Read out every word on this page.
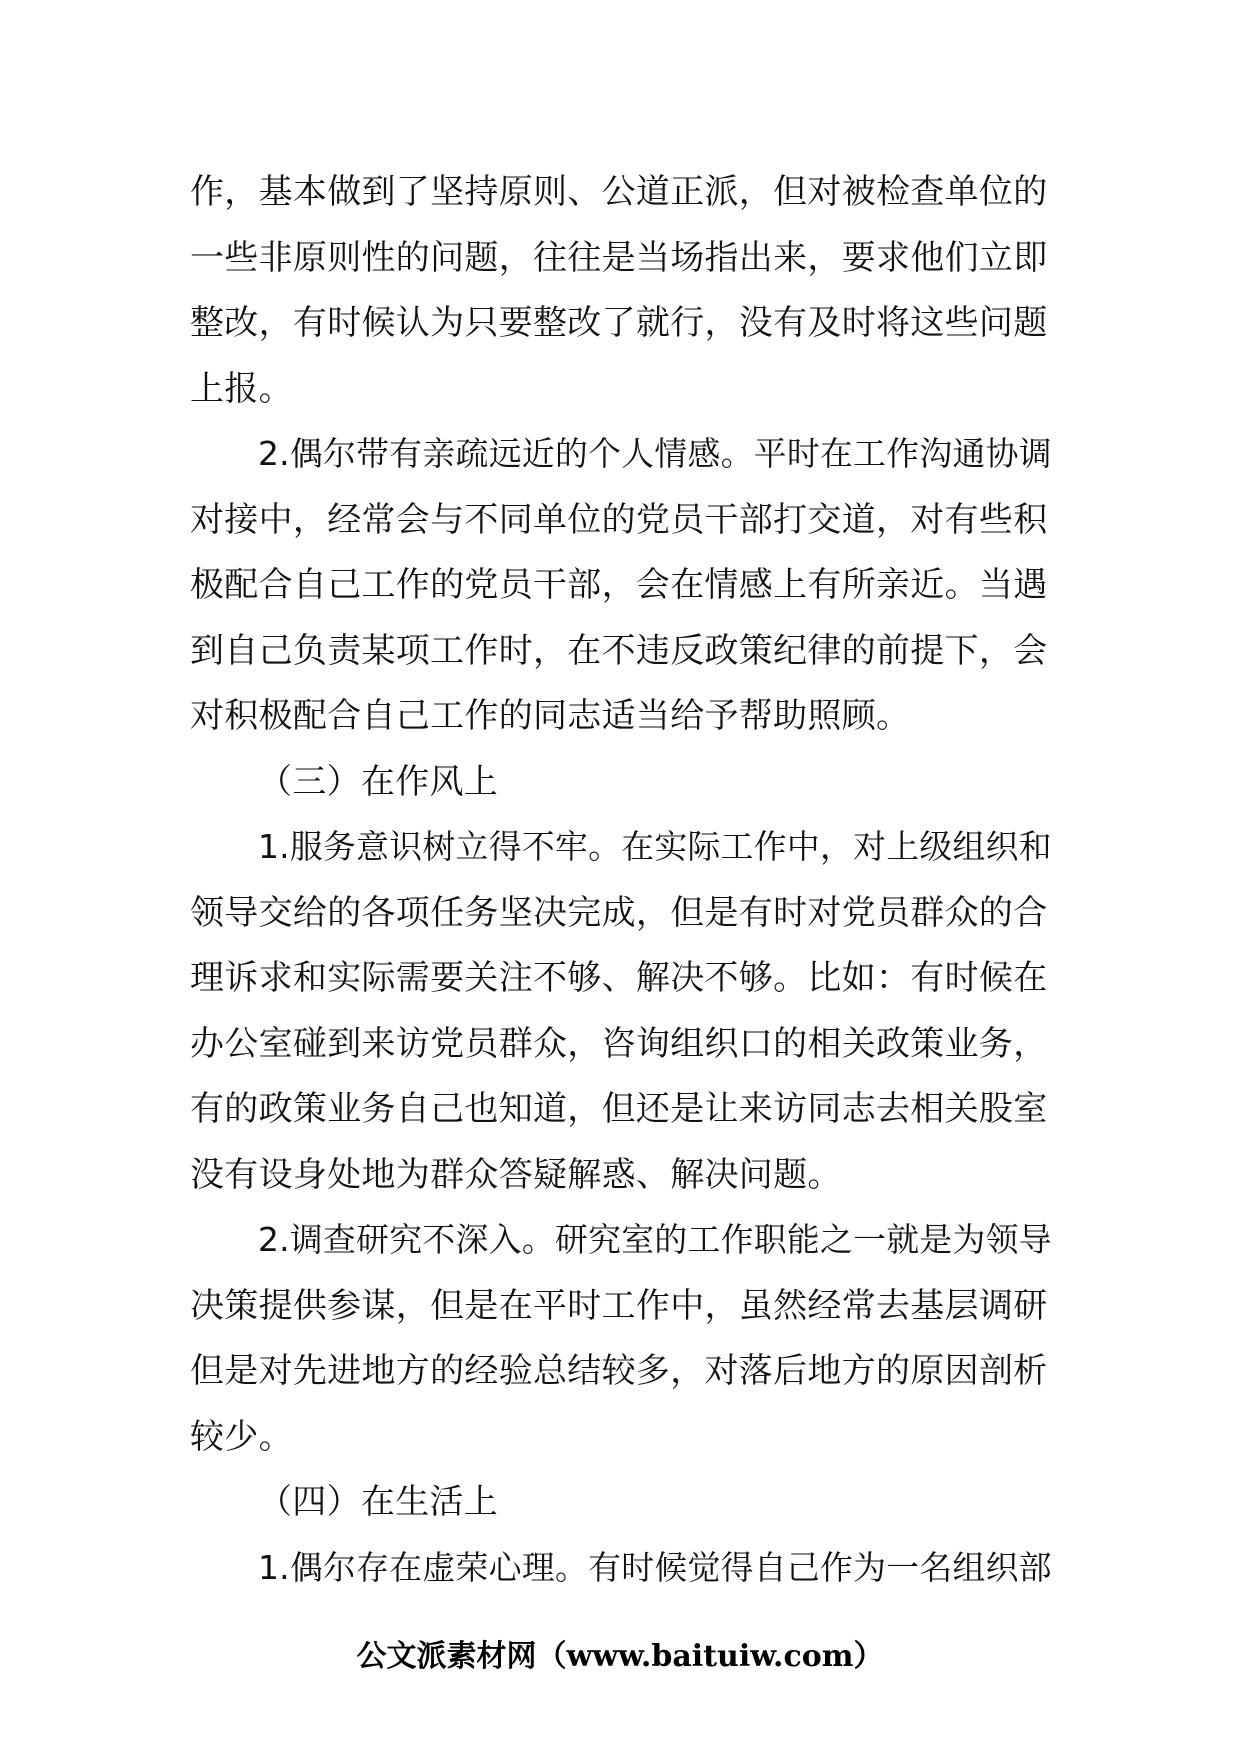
作，基本做到了坚持原则、公道正派，但对被检查单位的
一些非原则性的问题，往往是当场指出来，要求他们立即
整改，有时候认为只要整改了就行，没有及时将这些问题
上报。
2.偶尔带有亲疏远近的个人情感。平时在工作沟通协调
对接中，经常会与不同单位的党员干部打交道，对有些积
极配合自己工作的党员干部，会在情感上有所亲近。当遇
到自己负责某项工作时，在不违反政策纪律的前提下，会
对积极配合自己工作的同志适当给予帮助照顾。
（三）在作风上
1.服务意识树立得不牢。在实际工作中，对上级组织和
领导交给的各项任务坚决完成，但是有时对党员群众的合
理诉求和实际需要关注不够、解决不够。比如：有时候在
办公室碰到来访党员群众，咨询组织口的相关政策业务，
有的政策业务自己也知道，但还是让来访同志去相关股室
没有设身处地为群众答疑解惑、解决问题。
2.调查研究不深入。研究室的工作职能之一就是为领导
决策提供参谋，但是在平时工作中，虽然经常去基层调研
但是对先进地方的经验总结较多，对落后地方的原因剖析
较少。
（四）在生活上
1.偶尔存在虚荣心理。有时候觉得自己作为一名组织部
公文派素材网（www.baituiw.com）
